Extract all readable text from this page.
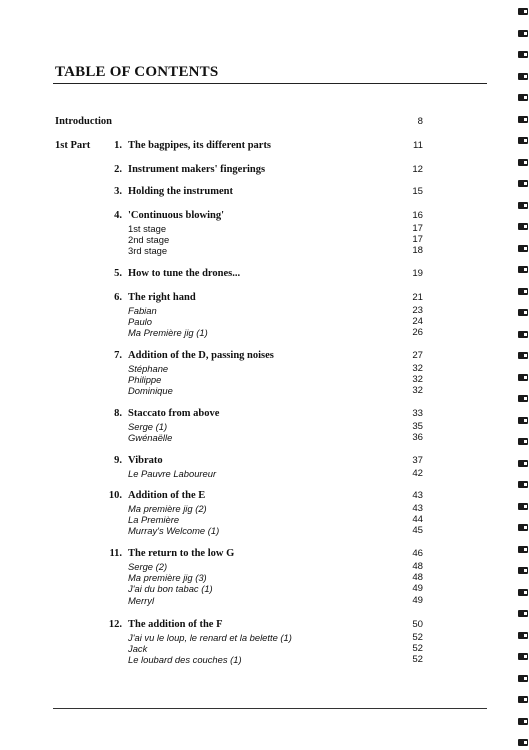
TABLE OF CONTENTS
Introduction	8
1st Part	1. The bagpipes, its different parts	11
2. Instrument makers' fingerings	12
3. Holding the instrument	15
4. 'Continuous blowing'	16
1st stage	17
2nd stage	17
3rd stage	18
5. How to tune the drones...	19
6. The right hand	21
Fabian	23
Paulo	24
Ma Première jig (1)	26
7. Addition of the D, passing noises	27
Stéphane	32
Philippe	32
Dominique	32
8. Staccato from above	33
Serge (1)	35
Gwénaëlle	36
9. Vibrato	37
Le Pauvre Laboureur	42
10. Addition of the E	43
Ma première jig (2)	43
La Première	44
Murray's Welcome (1)	45
11. The return to the low G	46
Serge (2)	48
Ma première jig (3)	48
J'ai du bon tabac (1)	49
Merryl	49
12. The addition of the F	50
J'ai vu le loup, le renard et la belette (1)	52
Jack	52
Le loubard des couches (1)	52
